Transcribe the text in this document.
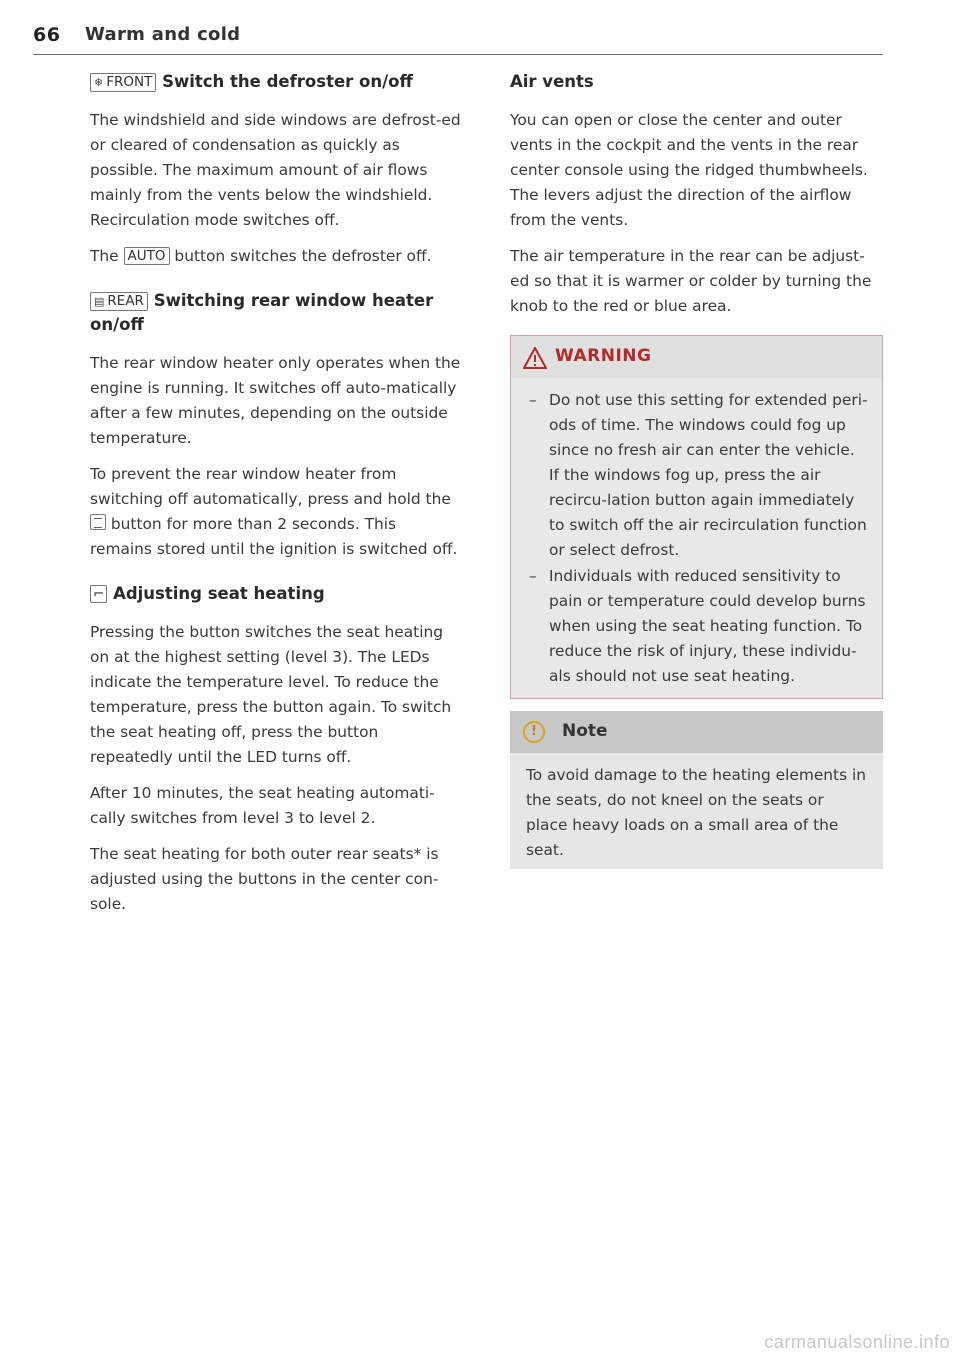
66 Warm and cold
❄ FRONT Switch the defroster on/off

The windshield and side windows are defrost-ed or cleared of condensation as quickly as possible. The maximum amount of air flows mainly from the vents below the windshield. Recirculation mode switches off.

The AUTO button switches the defroster off.

▤ REAR Switching rear window heater on/off

The rear window heater only operates when the engine is running. It switches off auto-matically after a few minutes, depending on the outside temperature.

To prevent the rear window heater from switching off automatically, press and hold the  button for more than 2 seconds. This remains stored until the ignition is switched off.

⌐ Adjusting seat heating

Pressing the button switches the seat heating on at the highest setting (level 3). The LEDs indicate the temperature level. To reduce the temperature, press the button again. To switch the seat heating off, press the button repeatedly until the LED turns off.

After 10 minutes, the seat heating automati-cally switches from level 3 to level 2.

The seat heating for both outer rear seats* is adjusted using the buttons in the center con-sole.

Air vents

You can open or close the center and outer vents in the cockpit and the vents in the rear center console using the ridged thumbwheels. The levers adjust the direction of the airflow from the vents.

The air temperature in the rear can be adjust-ed so that it is warmer or colder by turning the knob to the red or blue area.

WARNING
– Do not use this setting for extended peri-ods of time. The windows could fog up since no fresh air can enter the vehicle. If the windows fog up, press the air recircu-lation button again immediately to switch off the air recirculation function or select defrost.
– Individuals with reduced sensitivity to pain or temperature could develop burns when using the seat heating function. To reduce the risk of injury, these individu-als should not use seat heating.
!	Note

To avoid damage to the heating elements in the seats, do not kneel on the seats or place heavy loads on a small area of the seat.

carmanualsonline.info
